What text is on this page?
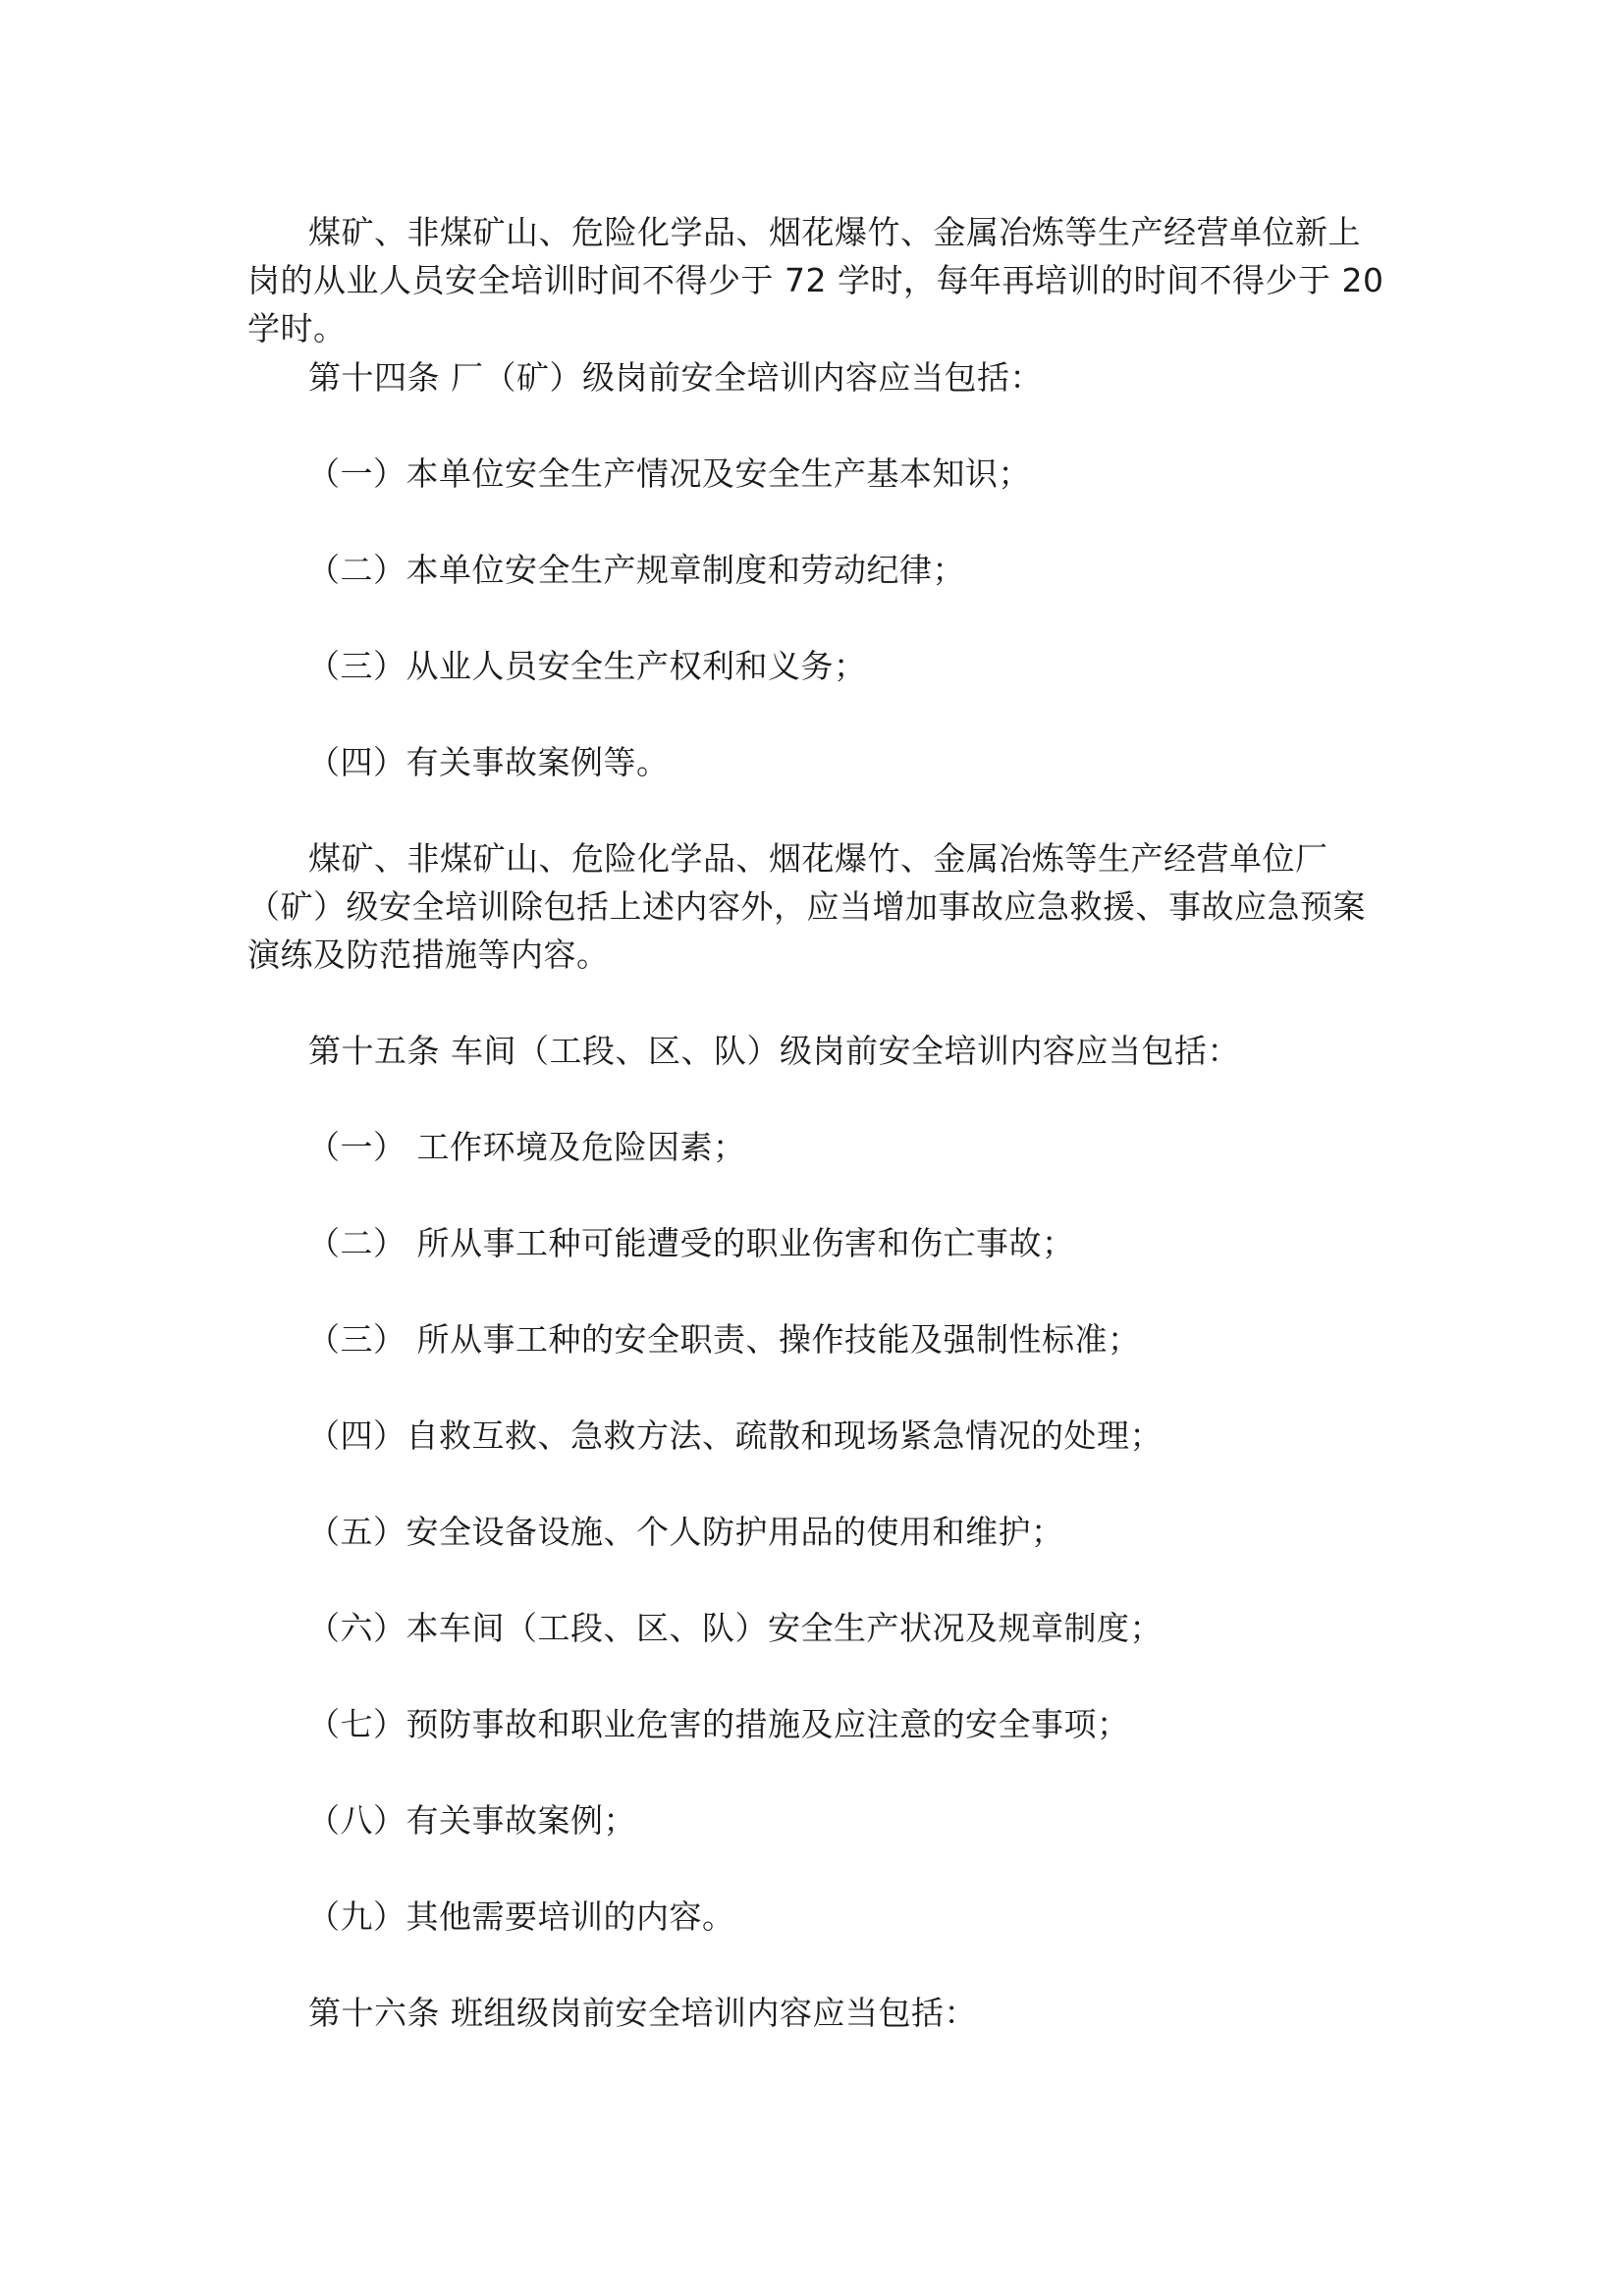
煤矿、非煤矿山、危险化学品、烟花爆竹、金属冶炼等生产经营单位新上岗的从业人员安全培训时间不得少于 72 学时，每年再培训的时间不得少于 20 学时。

第十四条 厂（矿）级岗前安全培训内容应当包括：

（一）本单位安全生产情况及安全生产基本知识；

（二）本单位安全生产规章制度和劳动纪律；

（三）从业人员安全生产权利和义务；

（四）有关事故案例等。

煤矿、非煤矿山、危险化学品、烟花爆竹、金属冶炼等生产经营单位厂（矿）级安全培训除包括上述内容外，应当增加事故应急救援、事故应急预案演练及防范措施等内容。

第十五条 车间（工段、区、队）级岗前安全培训内容应当包括：

（一） 工作环境及危险因素；

（二） 所从事工种可能遭受的职业伤害和伤亡事故；

（三） 所从事工种的安全职责、操作技能及强制性标准；

（四）自救互救、急救方法、疏散和现场紧急情况的处理；

（五）安全设备设施、个人防护用品的使用和维护；

（六）本车间（工段、区、队）安全生产状况及规章制度；

（七）预防事故和职业危害的措施及应注意的安全事项；

（八）有关事故案例；

（九）其他需要培训的内容。

第十六条 班组级岗前安全培训内容应当包括：
